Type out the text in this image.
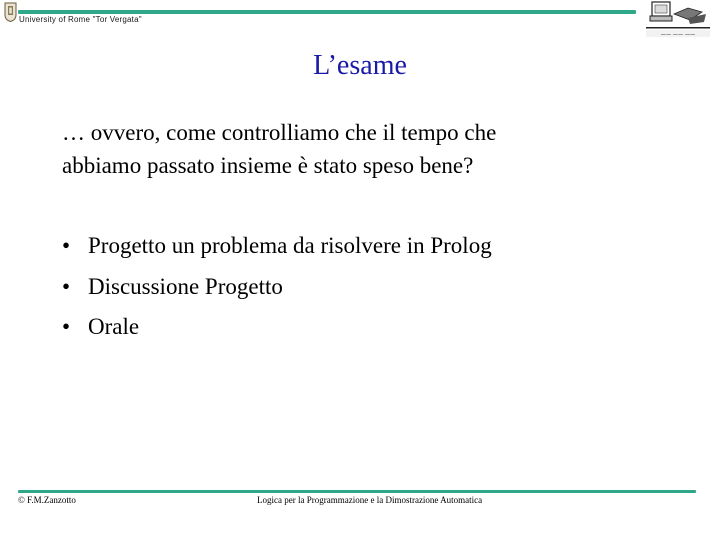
University of Rome "Tor Vergata"
—— —— ——
L’esame

… ovvero, come controlliamo che il tempo che
abbiamo passato insieme è stato speso bene?

• Progetto un problema da risolvere in Prolog
• Discussione Progetto
• Orale
© F.M.Zanzotto	Logica per la Programmazione e la Dimostrazione Automatica
